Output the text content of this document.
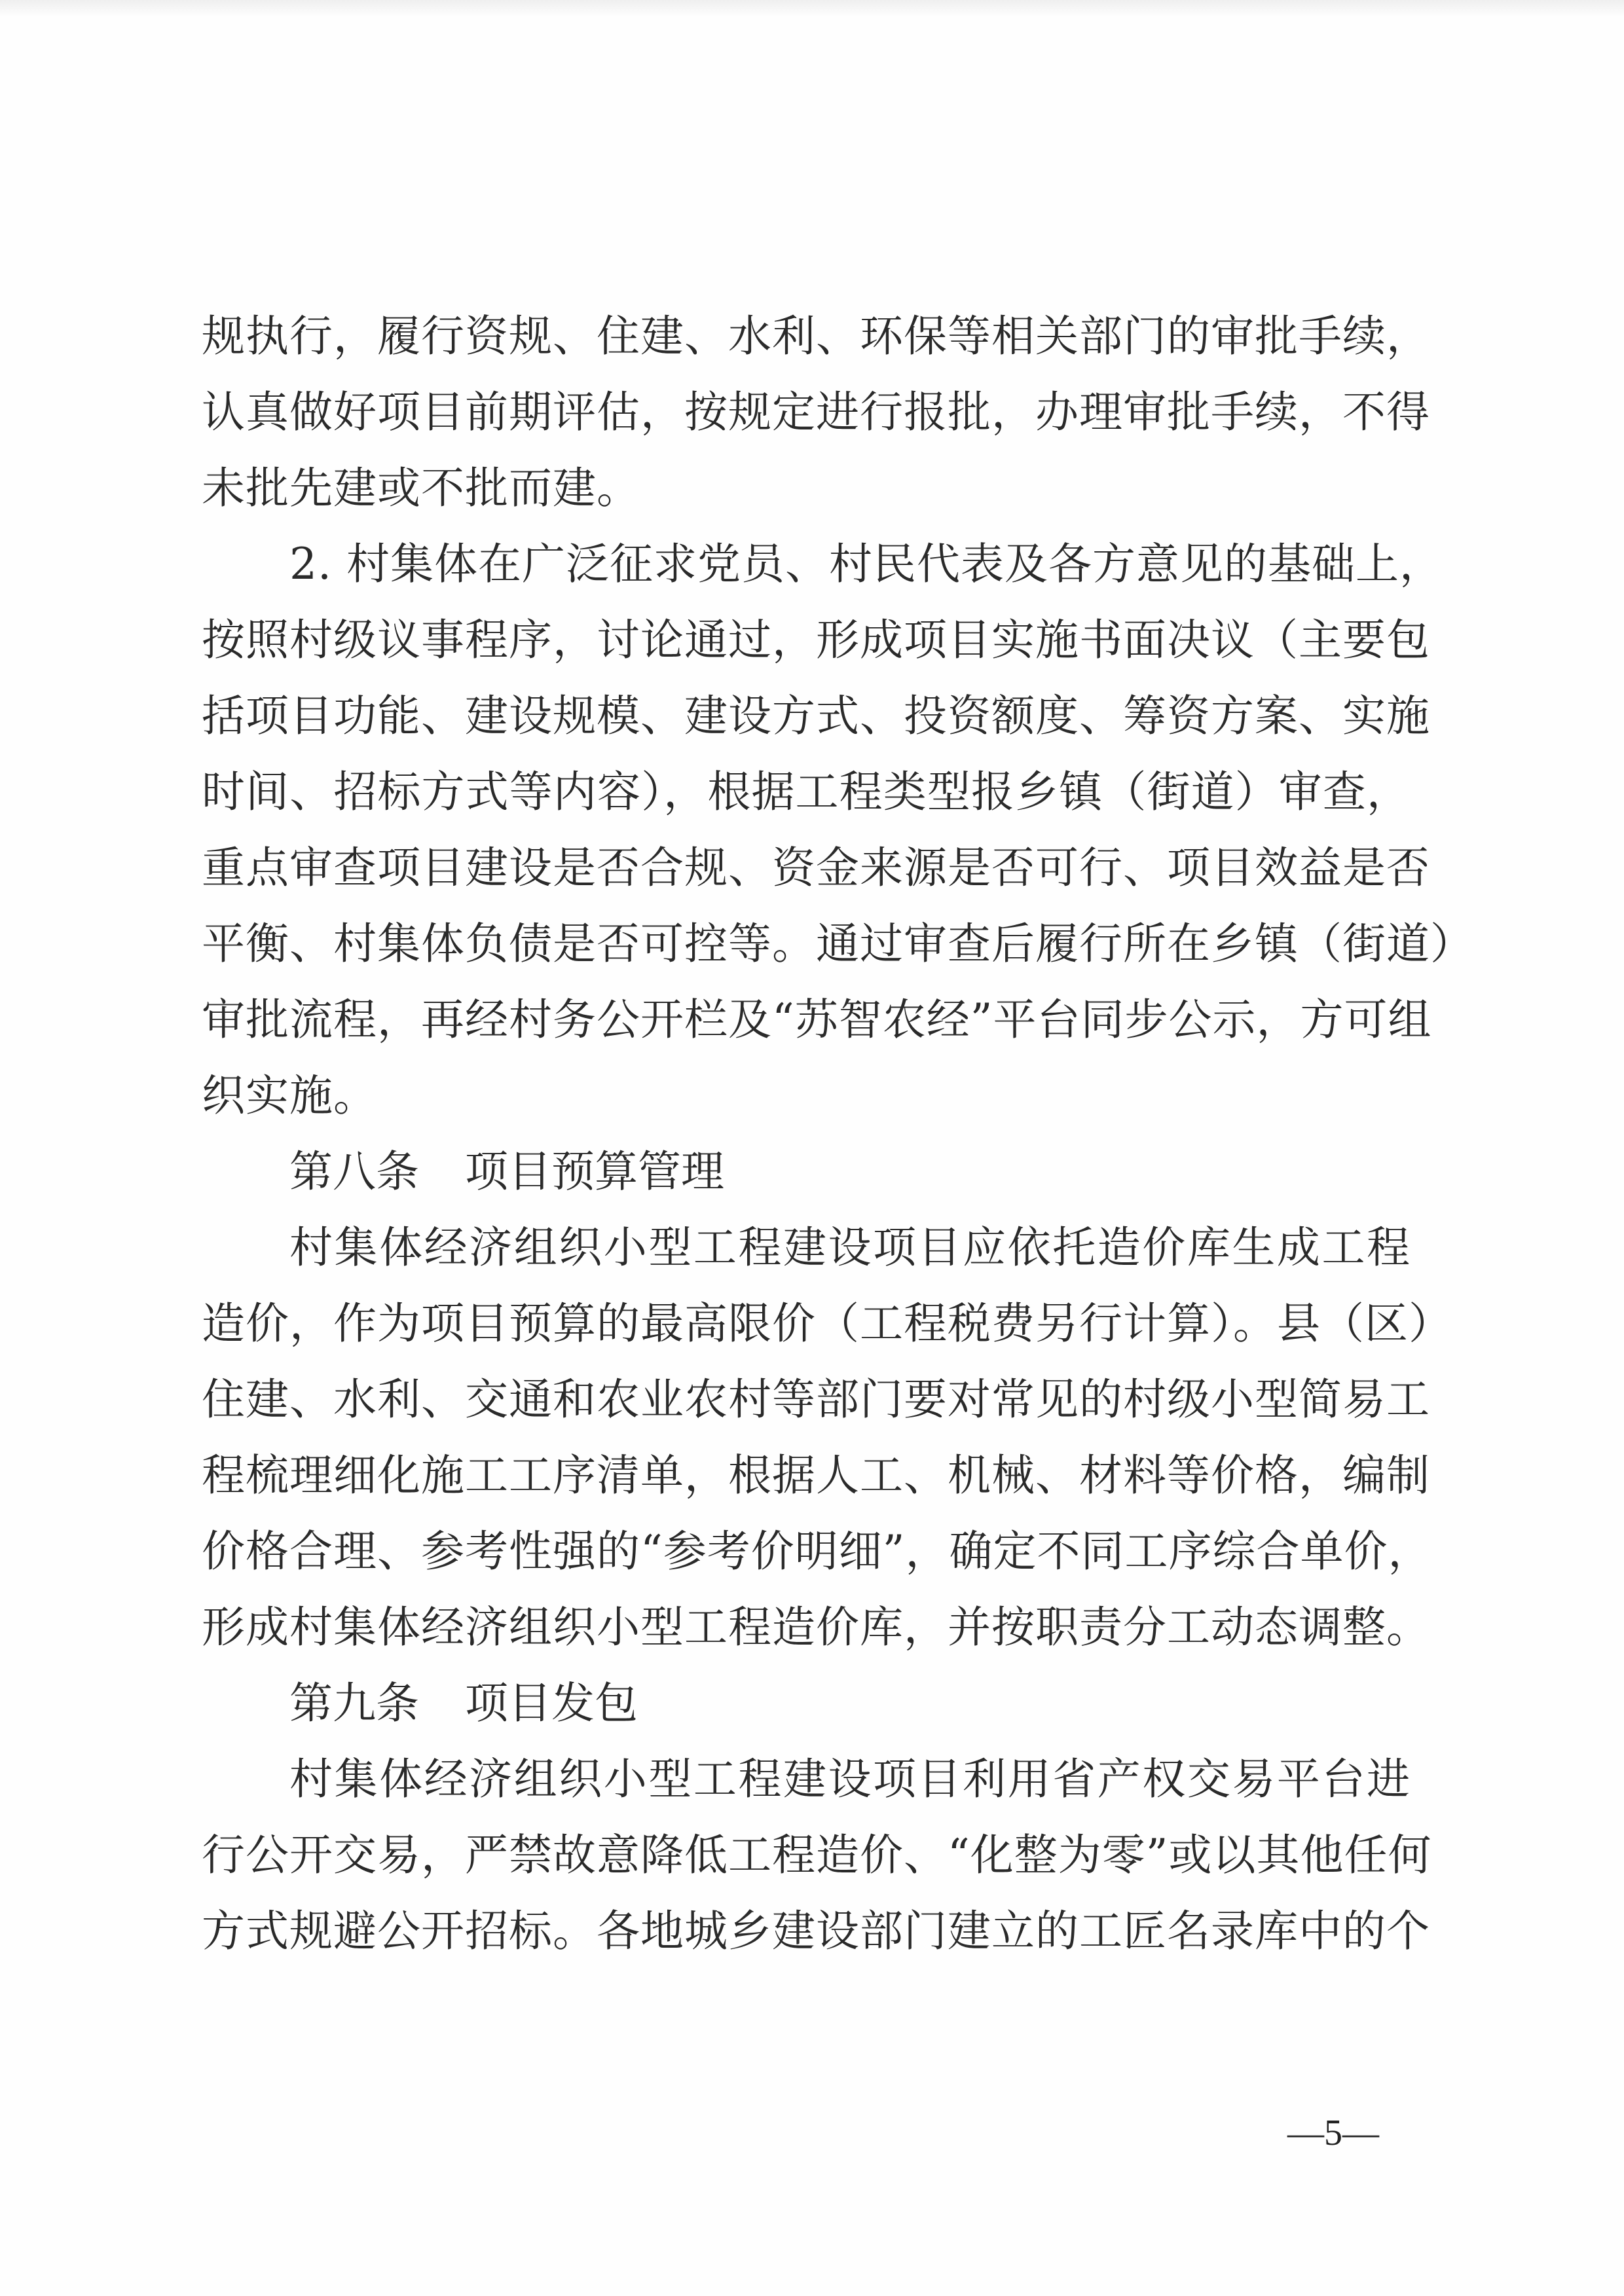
规执行，履行资规、住建、水利、环保等相关部门的审批手续，
认真做好项目前期评估，按规定进行报批，办理审批手续，不得
未批先建或不批而建。
2. 村集体在广泛征求党员、村民代表及各方意见的基础上，
按照村级议事程序，讨论通过，形成项目实施书面决议（主要包
括项目功能、建设规模、建设方式、投资额度、筹资方案、实施
时间、招标方式等内容），根据工程类型报乡镇（街道）审查，
重点审查项目建设是否合规、资金来源是否可行、项目效益是否
平衡、村集体负债是否可控等。通过审查后履行所在乡镇（街道）
审批流程，再经村务公开栏及“苏智农经”平台同步公示，方可组
织实施。
第八条 项目预算管理
村集体经济组织小型工程建设项目应依托造价库生成工程
造价，作为项目预算的最高限价（工程税费另行计算）。县（区）
住建、水利、交通和农业农村等部门要对常见的村级小型简易工
程梳理细化施工工序清单，根据人工、机械、材料等价格，编制
价格合理、参考性强的“参考价明细”，确定不同工序综合单价，
形成村集体经济组织小型工程造价库，并按职责分工动态调整。
第九条 项目发包
村集体经济组织小型工程建设项目利用省产权交易平台进
行公开交易，严禁故意降低工程造价、“化整为零”或以其他任何
方式规避公开招标。各地城乡建设部门建立的工匠名录库中的个
—5—
